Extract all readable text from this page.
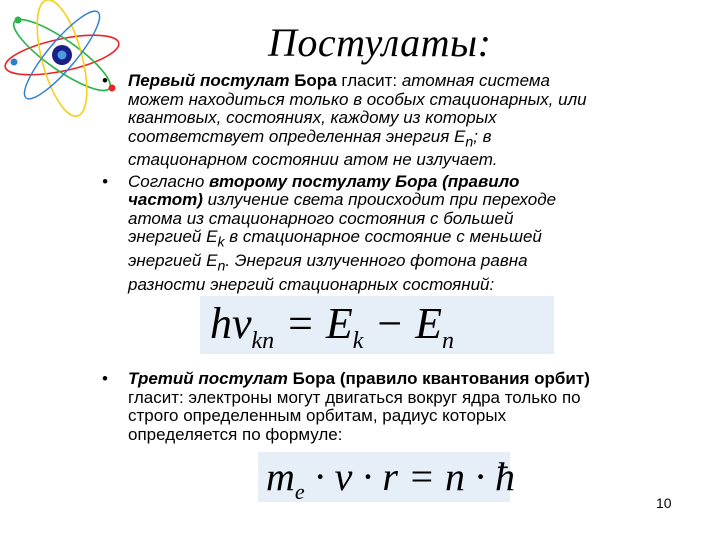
Постулаты:
• Первый постулат Бора гласит: атомная система
может находиться только в особых стационарных, или
квантовых, состояниях, каждому из которых
соответствует определенная энергия $E_n$; в
стационарном состоянии атом не излучает.
• Согласно второму постулату Бора (правило
частот) излучение света происходит при переходе
атома из стационарного состояния с большей
энергией $E_k$ в стационарное состояние с меньшей
энергией $E_n$. Энергия излученного фотона равна
разности энергий стационарных состояний:
$h\nu_{kn} = E_k - E_n$
• Третий постулат Бора (правило квантования орбит)
гласит: электроны могут двигаться вокруг ядра только по
строго определенным орбитам, радиус которых
определяется по формуле:
$m_e \cdot v \cdot r = n$ · ħ
10
